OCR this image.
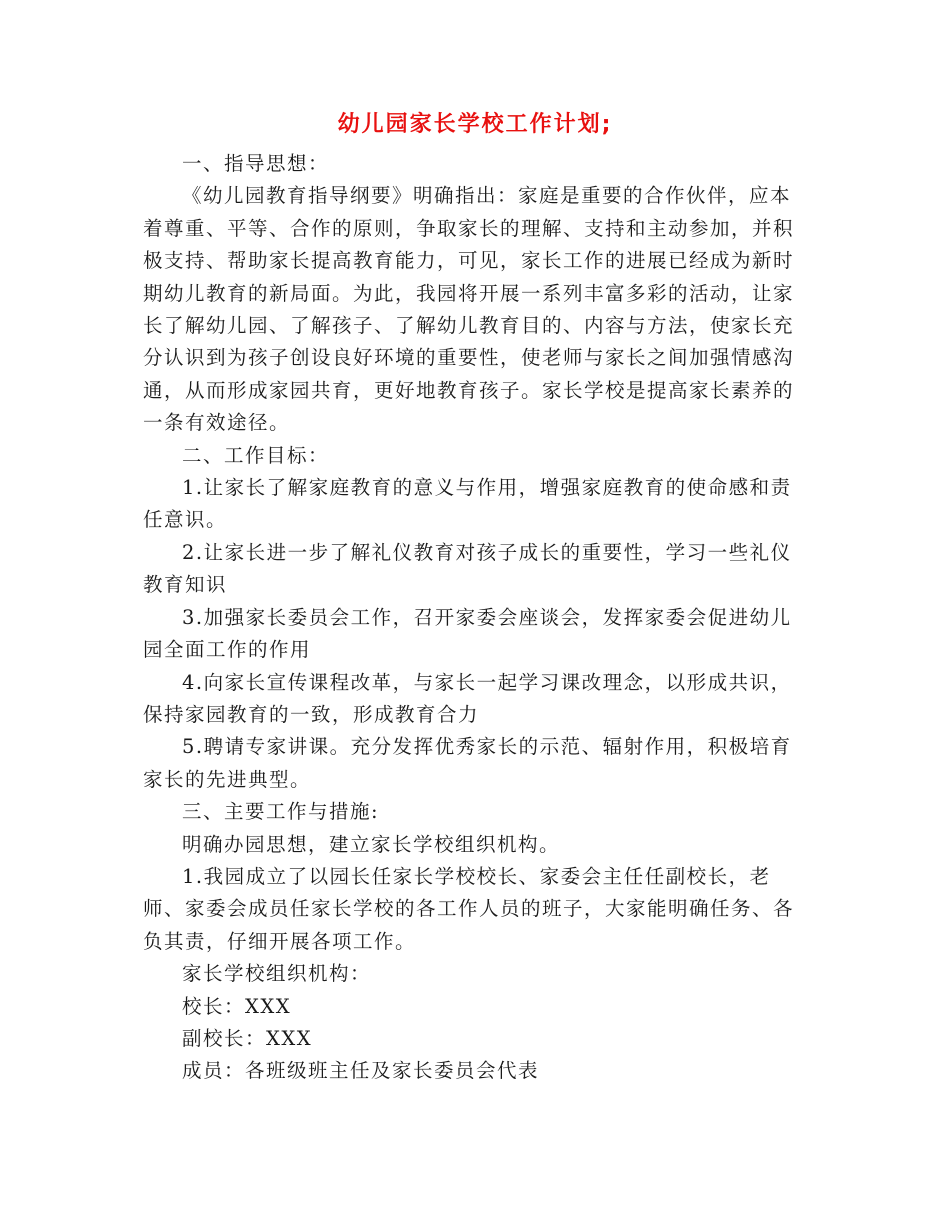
幼儿园家长学校工作计划;

一、指导思想：

《幼儿园教育指导纲要》明确指出：家庭是重要的合作伙伴，应本着尊重、平等、合作的原则，争取家长的理解、支持和主动参加，并积极支持、帮助家长提高教育能力，可见，家长工作的进展已经成为新时期幼儿教育的新局面。为此，我园将开展一系列丰富多彩的活动，让家长了解幼儿园、了解孩子、了解幼儿教育目的、内容与方法，使家长充分认识到为孩子创设良好环境的重要性，使老师与家长之间加强情感沟通，从而形成家园共育，更好地教育孩子。家长学校是提高家长素养的一条有效途径。

二、工作目标：

1.让家长了解家庭教育的意义与作用，增强家庭教育的使命感和责任意识。

2.让家长进一步了解礼仪教育对孩子成长的重要性，学习一些礼仪教育知识

3.加强家长委员会工作，召开家委会座谈会，发挥家委会促进幼儿园全面工作的作用

4.向家长宣传课程改革，与家长一起学习课改理念，以形成共识，保持家园教育的一致，形成教育合力

5.聘请专家讲课。充分发挥优秀家长的示范、辐射作用，积极培育家长的先进典型。

三、主要工作与措施:

明确办园思想，建立家长学校组织机构。

1.我园成立了以园长任家长学校校长、家委会主任任副校长，老师、家委会成员任家长学校的各工作人员的班子，大家能明确任务、各负其责，仔细开展各项工作。

家长学校组织机构：

校长：XXX

副校长：XXX

成员：各班级班主任及家长委员会代表
